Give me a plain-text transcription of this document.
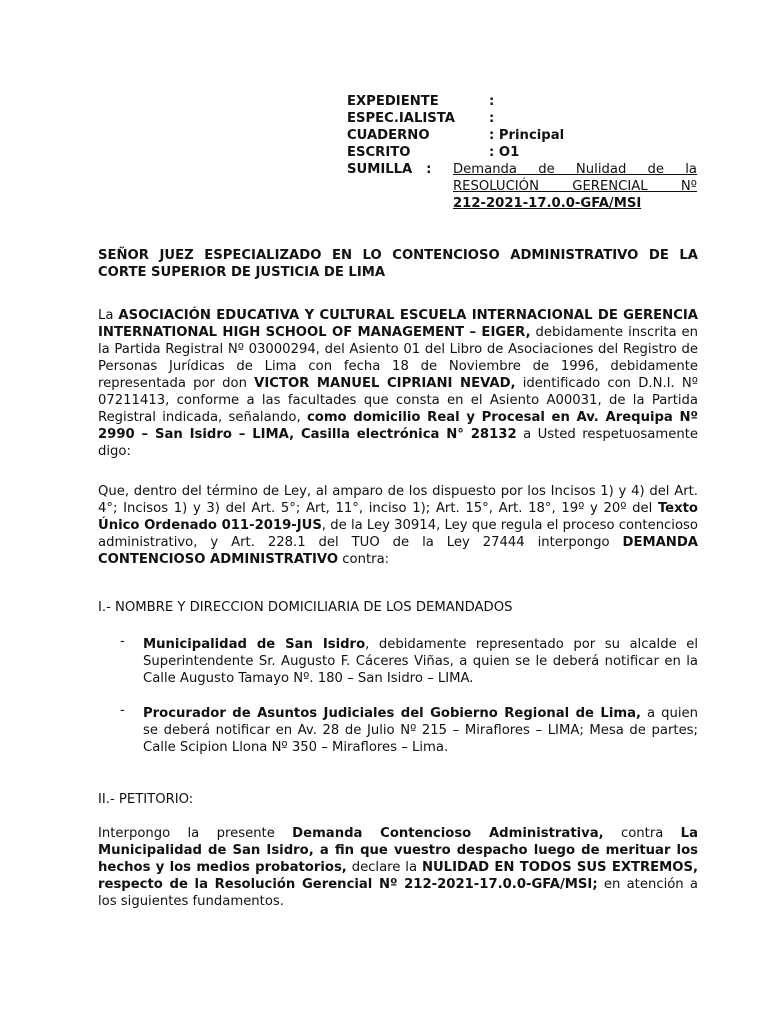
EXPEDIENTE	:
ESPEC.IALISTA	:
CUADERNO	: Principal
ESCRITO	: O1
SUMILLA	:	Demanda de Nulidad de la
RESOLUCIÓN GERENCIAL Nº
212-2021-17.0.0-GFA/MSI
SEÑOR JUEZ ESPECIALIZADO EN LO CONTENCIOSO ADMINISTRATIVO DE LA CORTE SUPERIOR DE JUSTICIA DE LIMA
La ASOCIACIÓN EDUCATIVA Y CULTURAL ESCUELA INTERNACIONAL DE GERENCIA INTERNATIONAL HIGH SCHOOL OF MANAGEMENT – EIGER, debidamente inscrita en la Partida Registral Nº 03000294, del Asiento 01 del Libro de Asociaciones del Registro de Personas Jurídicas de Lima con fecha 18 de Noviembre de 1996, debidamente representada por don VICTOR MANUEL CIPRIANI NEVAD, identificado con D.N.I. Nº 07211413, conforme a las facultades que consta en el Asiento A00031, de la Partida Registral indicada, señalando, como domicilio Real y Procesal en Av. Arequipa Nº 2990 – San Isidro – LIMA, Casilla electrónica N° 28132 a Usted respetuosamente digo:
Que, dentro del término de Ley, al amparo de los dispuesto por los Incisos 1) y 4) del Art. 4°; Incisos 1) y 3) del Art. 5°; Art, 11°, inciso 1); Art. 15°, Art. 18°, 19º y 20º del Texto Único Ordenado 011-2019-JUS, de la Ley 30914, Ley que regula el proceso contencioso administrativo, y Art. 228.1 del TUO de la Ley 27444 interpongo DEMANDA CONTENCIOSO ADMINISTRATIVO contra:
I.- NOMBRE Y DIRECCION DOMICILIARIA DE LOS DEMANDADOS
- Municipalidad de San Isidro, debidamente representado por su alcalde el Superintendente Sr. Augusto F. Cáceres Viñas, a quien se le deberá notificar en la Calle Augusto Tamayo Nº. 180 – San Isidro – LIMA.
- Procurador de Asuntos Judiciales del Gobierno Regional de Lima, a quien se deberá notificar en Av. 28 de Julio Nº 215 – Miraflores – LIMA; Mesa de partes; Calle Scipion Llona Nº 350 – Miraflores – Lima.
II.- PETITORIO:
Interpongo la presente Demanda Contencioso Administrativa, contra La Municipalidad de San Isidro, a fin que vuestro despacho luego de merituar los hechos y los medios probatorios, declare la NULIDAD EN TODOS SUS EXTREMOS, respecto de la Resolución Gerencial Nº 212-2021-17.0.0-GFA/MSI; en atención a los siguientes fundamentos.
